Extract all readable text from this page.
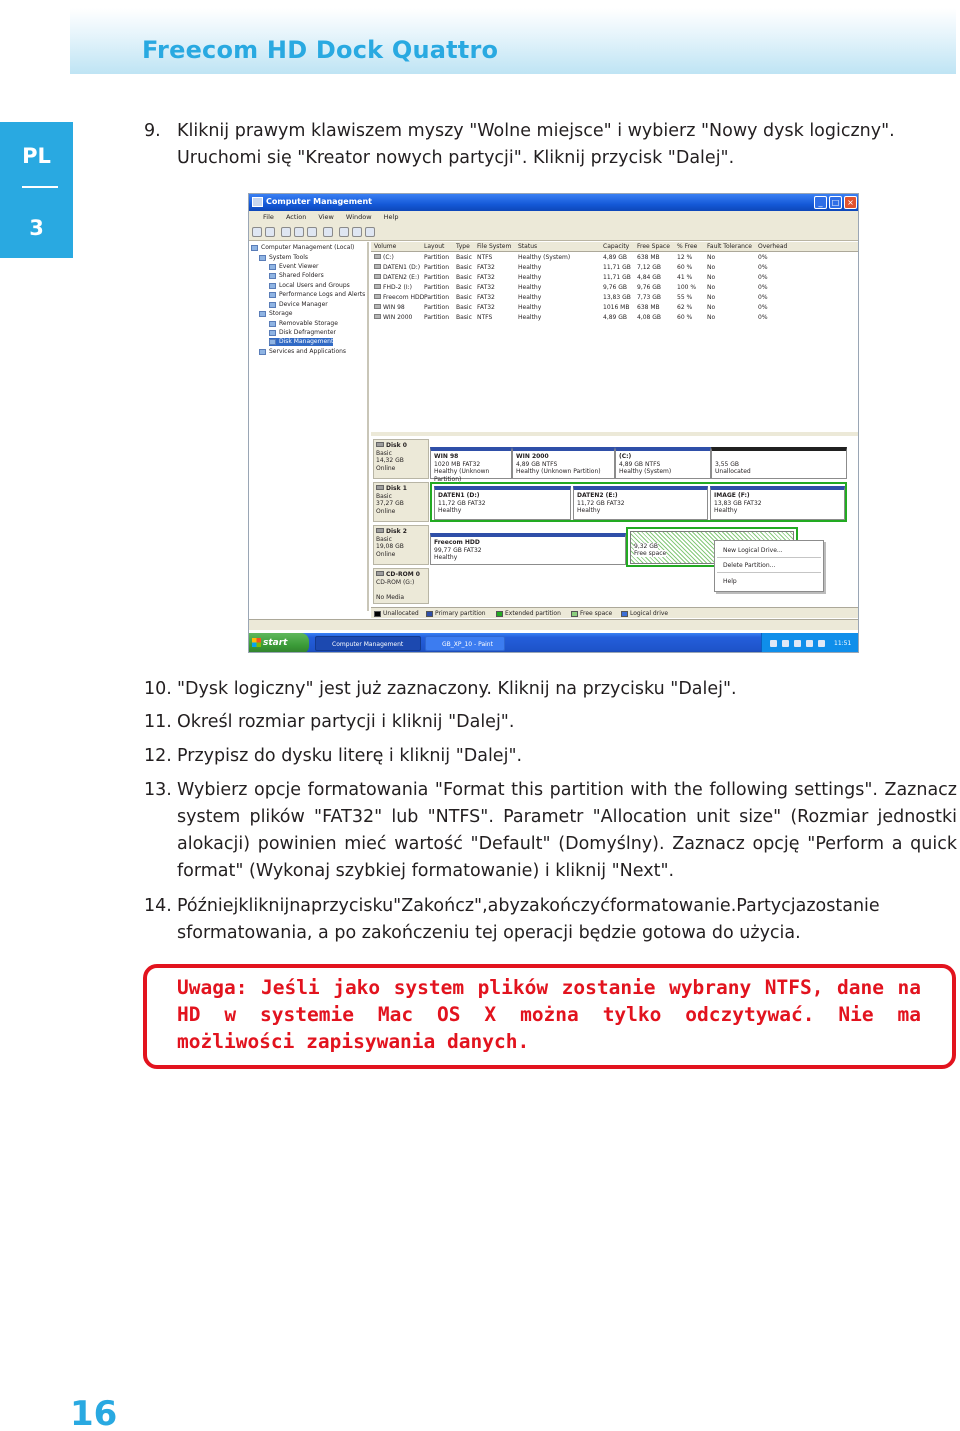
Freecom HD Dock Quattro
PL
3
9. Kliknij prawym klawiszem myszy "Wolne miejsce" i wybierz "Nowy dysk logiczny". Uruchomi się "Kreator nowych partycji". Kliknij przycisk "Dalej".
Computer Management	_	□ ×
File Action View Window Help
Computer Management (Local)
System Tools
Event Viewer
Shared Folders
Local Users and Groups
Performance Logs and Alerts
Device Manager
Storage
Removable Storage
Disk Defragmenter
Disk Management
Services and Applications
Volume	Layout Type File System Status	Capacity Free Space % Free Fault Tolerance Overhead
(C:)	Partition Basic NTFS	Healthy (System)	4,89 GB 638 MB	12 % No	0%
DATEN1 (D:) Partition Basic FAT32	Healthy	11,71 GB 7,12 GB	60 % No	0%
DATEN2 (E:) Partition Basic FAT32	Healthy	11,71 GB 4,84 GB	41 % No	0%
FHD-2 (I:) Partition Basic FAT32	Healthy	9,76 GB 9,76 GB	100 % No	0%
Freecom HDD Partition Basic FAT32	Healthy	13,83 GB 7,73 GB	55 % No	0%
WIN 98	Partition Basic FAT32	Healthy	1016 MB 638 MB	62 % No	0%
WIN 2000 Partition Basic NTFS	Healthy	4,89 GB 4,08 GB	60 % No	0%
Disk 0
Basic
14,32 GB
Online
WIN 98
1020 MB FAT32
Healthy (Unknown Partition)
WIN 2000
4,89 GB NTFS
Healthy (Unknown Partition)
(C:)
4,89 GB NTFS
Healthy (System)

3,55 GB
Unallocated
Disk 1
Basic
37,27 GB
Online
DATEN1 (D:)
11,72 GB FAT32
Healthy
DATEN2 (E:)
11,72 GB FAT32
Healthy
IMAGE (F:)
13,83 GB FAT32
Healthy
Disk 2
Basic
19,08 GB
Online
Freecom HDD
99,77 GB FAT32
Healthy

9,32 GB
Free space
CD-ROM 0
CD-ROM (G:)

No Media
New Logical Drive...
Delete Partition...
Help
Unallocated	Primary partition	Extended partition	Free space	Logical drive
start	Computer Management	GB_XP_10 - Paint	11:51
10. "Dysk logiczny" jest już zaznaczony. Kliknij na przycisku "Dalej".
11. Określ rozmiar partycji i kliknij "Dalej".
12. Przypisz do dysku literę i kliknij "Dalej".
13. Wybierz opcje formatowania "Format this partition with the following settings". Zaznacz system plików "FAT32" lub "NTFS". Parametr "Allocation unit size" (Rozmiar jednostki alokacji) powinien mieć wartość "Default" (Domyślny). Zaznacz opcję "Perform a quick format" (Wykonaj szybkiej formatowanie) i kliknij "Next".
14. Późniejkliknijnaprzycisku"Zakończ",abyzakończyćformatowanie.Partycjazostanie sformatowania, a po zakończeniu tej operacji będzie gotowa do użycia.
Uwaga: Jeśli jako system plików zostanie wybrany NTFS, dane na HD w systemie Mac OS X można tylko odczytywać. Nie ma możliwości zapisywania danych.
16
